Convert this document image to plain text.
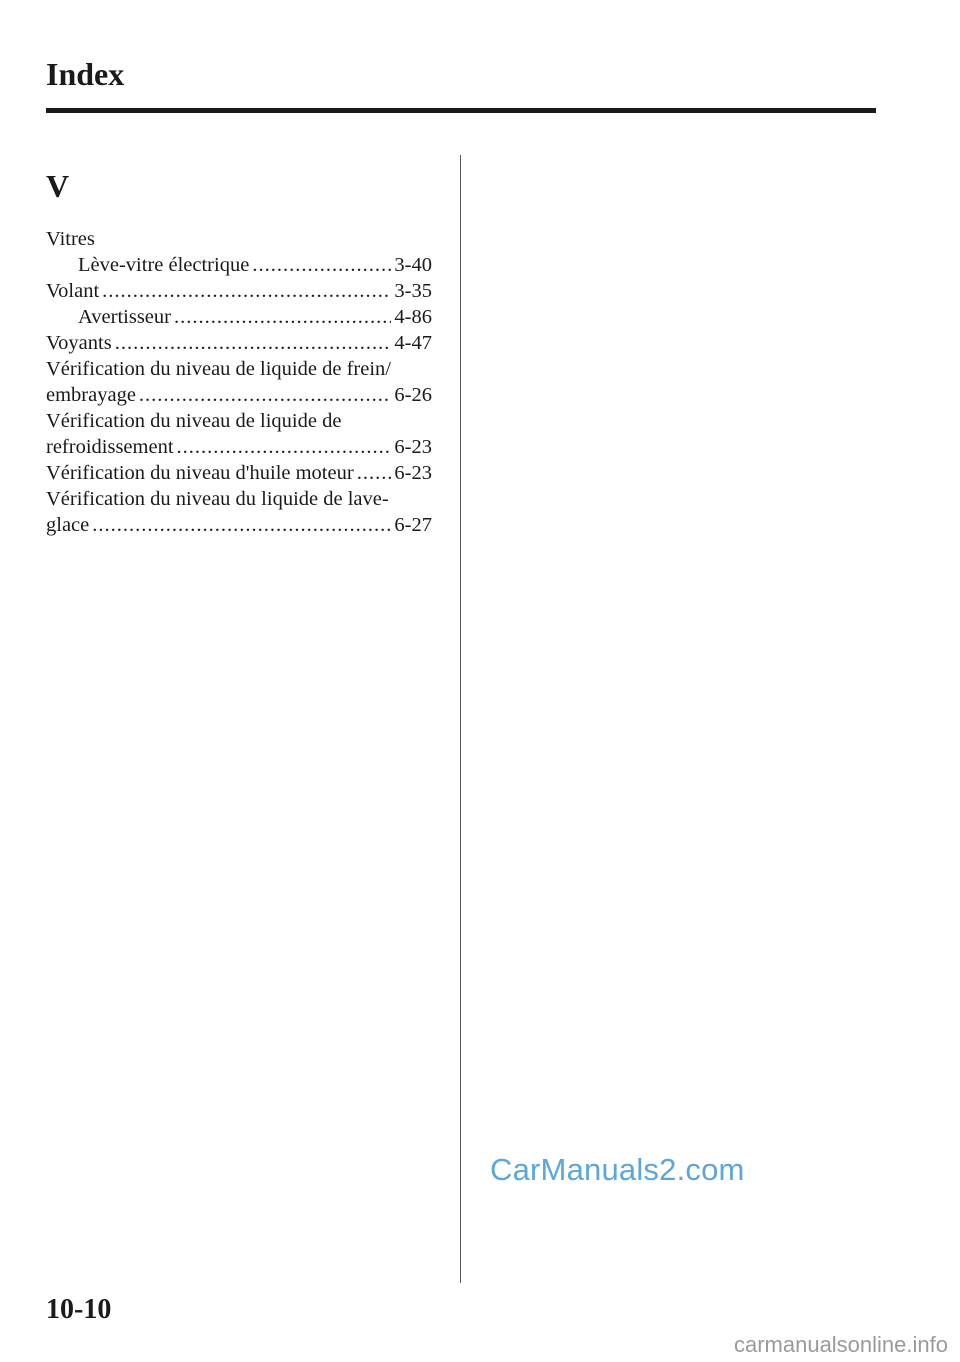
Index
V
Vitres
Lève-vitre électrique .....	3-40
Volant .....	3-35
Avertisseur .....	4-86
Voyants .....	4-47
Vérification du niveau de liquide de frein/
embrayage .....	6-26
Vérification du niveau de liquide de
refroidissement .....	6-23
Vérification du niveau d'huile moteur ..... 6-23
Vérification du niveau du liquide de lave-
glace .....	6-27
CarManuals2.com
10-10
carmanualsonline.info
